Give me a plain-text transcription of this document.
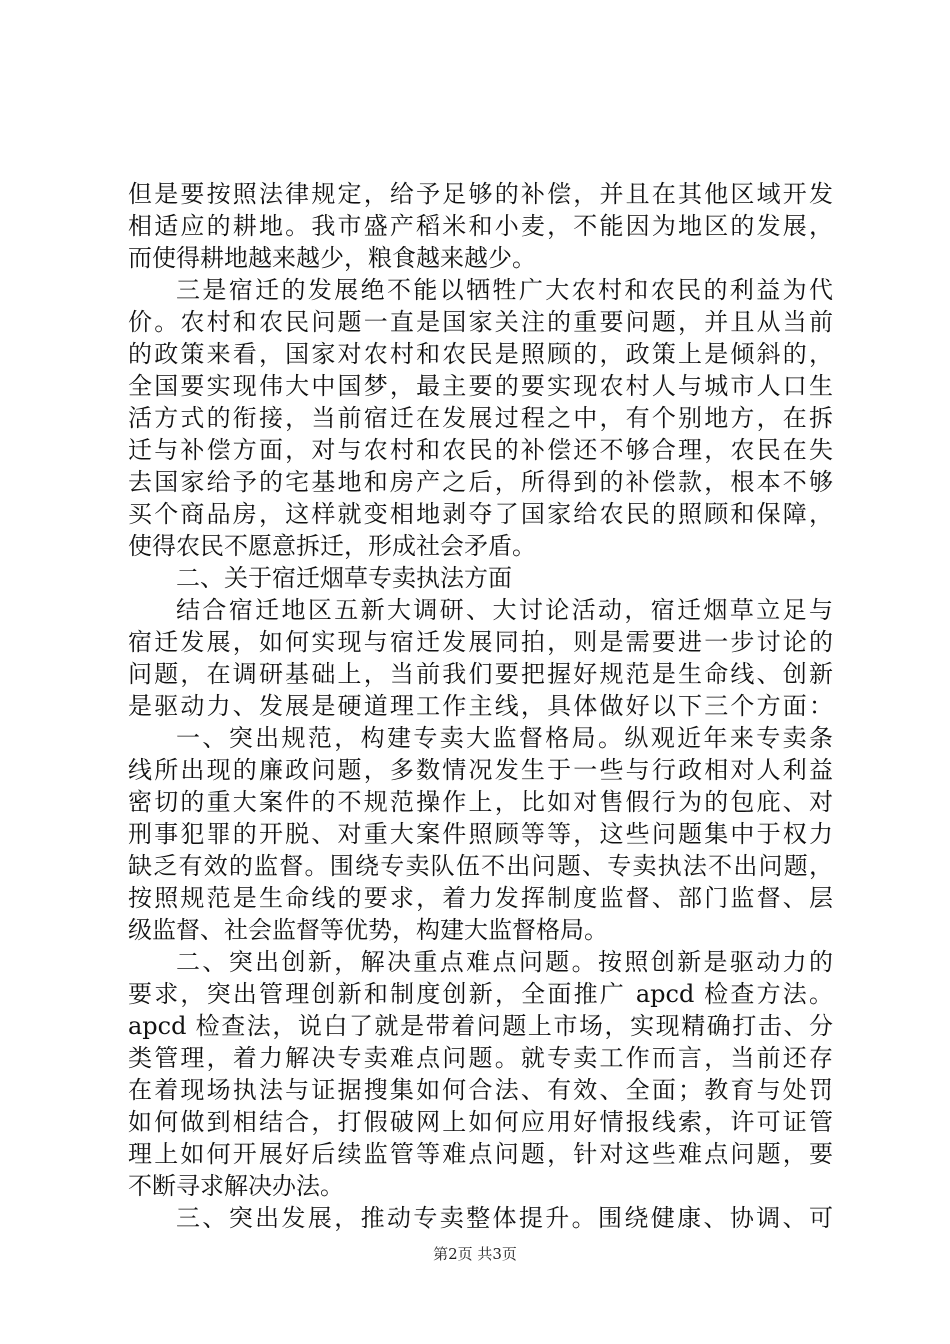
但是要按照法律规定，给予足够的补偿，并且在其他区域开发
相适应的耕地。我市盛产稻米和小麦，不能因为地区的发展，
而使得耕地越来越少，粮食越来越少。
三是宿迁的发展绝不能以牺牲广大农村和农民的利益为代
价。农村和农民问题一直是国家关注的重要问题，并且从当前
的政策来看，国家对农村和农民是照顾的，政策上是倾斜的，
全国要实现伟大中国梦，最主要的要实现农村人与城市人口生
活方式的衔接，当前宿迁在发展过程之中，有个别地方，在拆
迁与补偿方面，对与农村和农民的补偿还不够合理，农民在失
去国家给予的宅基地和房产之后，所得到的补偿款，根本不够
买个商品房，这样就变相地剥夺了国家给农民的照顾和保障，
使得农民不愿意拆迁，形成社会矛盾。
二、关于宿迁烟草专卖执法方面
结合宿迁地区五新大调研、大讨论活动，宿迁烟草立足与
宿迁发展，如何实现与宿迁发展同拍，则是需要进一步讨论的
问题，在调研基础上，当前我们要把握好规范是生命线、创新
是驱动力、发展是硬道理工作主线，具体做好以下三个方面：
一、突出规范，构建专卖大监督格局。纵观近年来专卖条
线所出现的廉政问题，多数情况发生于一些与行政相对人利益
密切的重大案件的不规范操作上，比如对售假行为的包庇、对
刑事犯罪的开脱、对重大案件照顾等等，这些问题集中于权力
缺乏有效的监督。围绕专卖队伍不出问题、专卖执法不出问题，
按照规范是生命线的要求，着力发挥制度监督、部门监督、层
级监督、社会监督等优势，构建大监督格局。
二、突出创新，解决重点难点问题。按照创新是驱动力的
要求，突出管理创新和制度创新，全面推广 apcd 检查方法。
apcd 检查法，说白了就是带着问题上市场，实现精确打击、分
类管理，着力解决专卖难点问题。就专卖工作而言，当前还存
在着现场执法与证据搜集如何合法、有效、全面；教育与处罚
如何做到相结合，打假破网上如何应用好情报线索，许可证管
理上如何开展好后续监管等难点问题，针对这些难点问题，要
不断寻求解决办法。
三、突出发展，推动专卖整体提升。围绕健康、协调、可
第2页 共3页
